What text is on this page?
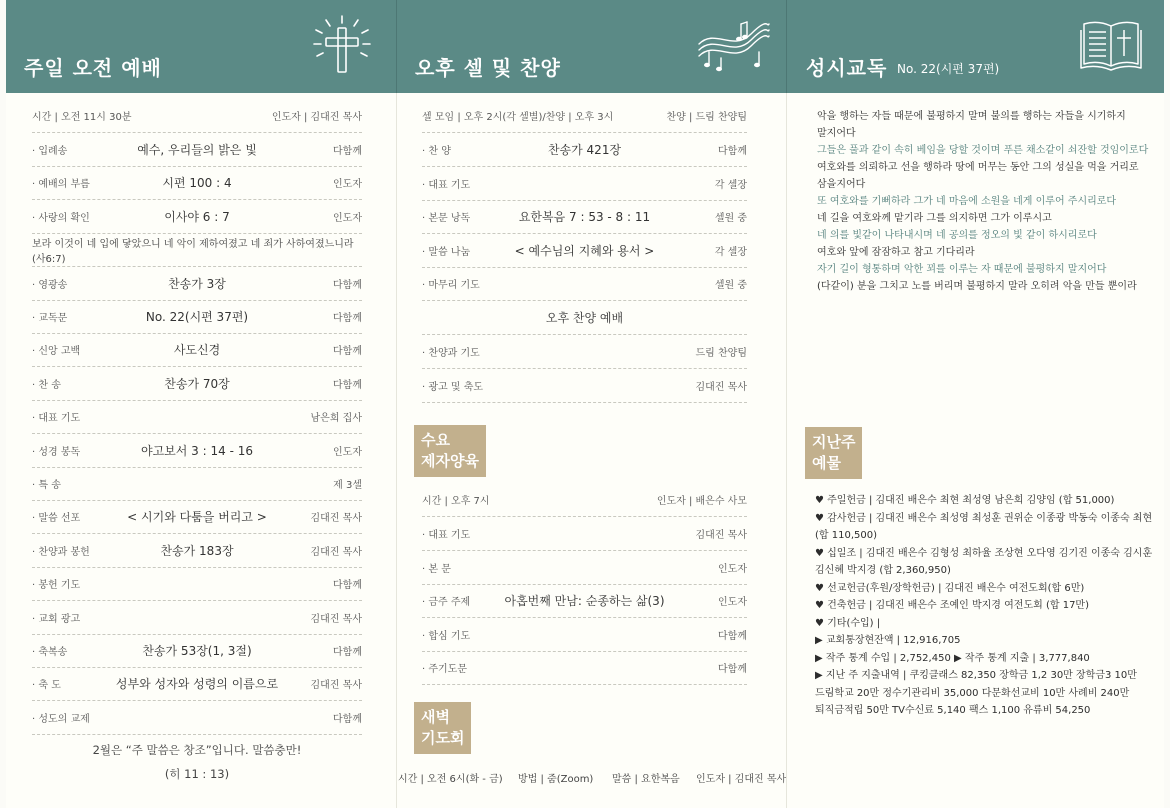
주일 오전 예배	오후 셀 및 찬양	성시교독 No. 22(시편 37편)
시간 | 오전 11시 30분	인도자 | 김대진 목사
· 입례송	예수, 우리들의 밝은 빛	다함께
· 예배의 부름	시편 100 : 4	인도자
· 사랑의 확인	이사야 6 : 7	인도자
보라 이것이 네 입에 닿았으니 네 악이 제하여졌고 네 죄가 사하여졌느니라(사6:7)
· 영광송	찬송가 3장	다함께
· 교독문	No. 22(시편 37편)	다함께
· 신앙 고백	사도신경	다함께
· 찬 송	찬송가 70장	다함께
· 대표 기도	남은희 집사
· 성경 봉독	야고보서 3 : 14 - 16	인도자
· 특 송	제 3셀
· 말씀 선포	< 시기와 다툼을 버리고 >	김대진 목사
· 찬양과 봉헌	찬송가 183장	김대진 목사
· 봉헌 기도	다함께
· 교회 광고	김대진 목사
· 축복송	찬송가 53장(1, 3절)	다함께
· 축 도	성부와 성자와 성령의 이름으로	김대진 목사
· 성도의 교제	다함께
2월은 “주 말씀은 창조”입니다. 말씀충만!
(히 11 : 13)
셀 모임 | 오후 2시(각 셀별)/찬양 | 오후 3시	찬양 | 드림 찬양팀
· 찬 양	찬송가 421장	다함께
· 대표 기도	각 셀장
· 본문 낭독	요한복음 7 : 53 - 8 : 11	셀원 중
· 말씀 나눔	< 예수님의 지혜와 용서 >	각 셀장
· 마무리 기도	셀원 중
오후 찬양 예배
· 찬양과 기도	드림 찬양팀
· 광고 및 축도	김대진 목사
수요
제자양육
시간 | 오후 7시	인도자 | 배은수 사모
· 대표 기도	김대진 목사
· 본 문	인도자
· 금주 주제	아홉번째 만남: 순종하는 삶(3)	인도자
· 합심 기도	다함께
· 주기도문	다함께
새벽
기도회
시간 | 오전 6시(화 - 금) 방법 | 줌(Zoom) 말씀 | 요한복음 인도자 | 김대진 목사
악을 행하는 자들 때문에 불평하지 말며 불의를 행하는 자들을 시기하지
말지어다
그들은 풀과 같이 속히 베임을 당할 것이며 푸른 채소같이 쇠잔할 것임이로다
여호와를 의뢰하고 선을 행하라 땅에 머무는 동안 그의 성실을 먹을 거리로
삼을지어다
또 여호와를 기뻐하라 그가 네 마음에 소원을 네게 이루어 주시리로다
네 길을 여호와께 맡기라 그를 의지하면 그가 이루시고
네 의를 빛같이 나타내시며 네 공의를 정오의 빛 같이 하시리로다
여호와 앞에 잠잠하고 참고 기다리라
자기 길이 형통하며 악한 꾀를 이루는 자 때문에 불평하지 말지어다
(다같이) 분을 그치고 노를 버리며 불평하지 말라 오히려 악을 만들 뿐이라
지난주
예물
♥ 주일헌금 | 김대진 배은수 최현 최성영 남은희 김양임 (합 51,000)
♥ 감사헌금 | 김대진 배은수 최성영 최성훈 권위순 이종광 박동숙 이종숙 최현
(합 110,500)
♥ 십일조 | 김대진 배은수 김형성 최하율 조상현 오다영 김기진 이종숙 김시훈
김신혜 박지경 (합 2,360,950)
♥ 선교헌금(후원/장학헌금) | 김대진 배은수 여전도회(합 6만)
♥ 건축헌금 | 김대진 배은수 조예인 박지경 여전도회 (합 17만)
♥ 기타(수입) |
▶ 교회통장현잔액 | 12,916,705
▶ 작주 통계 수입 | 2,752,450 ▶ 작주 통계 지출 | 3,777,840
▶ 지난 주 지출내역 | 쿠킹클래스 82,350 장학금 1,2 30만 장학금3 10만
드림학교 20만 정수기관리비 35,000 다문화선교비 10만 사례비 240만
퇴직금적립 50만 TV수신료 5,140 팩스 1,100 유류비 54,250
